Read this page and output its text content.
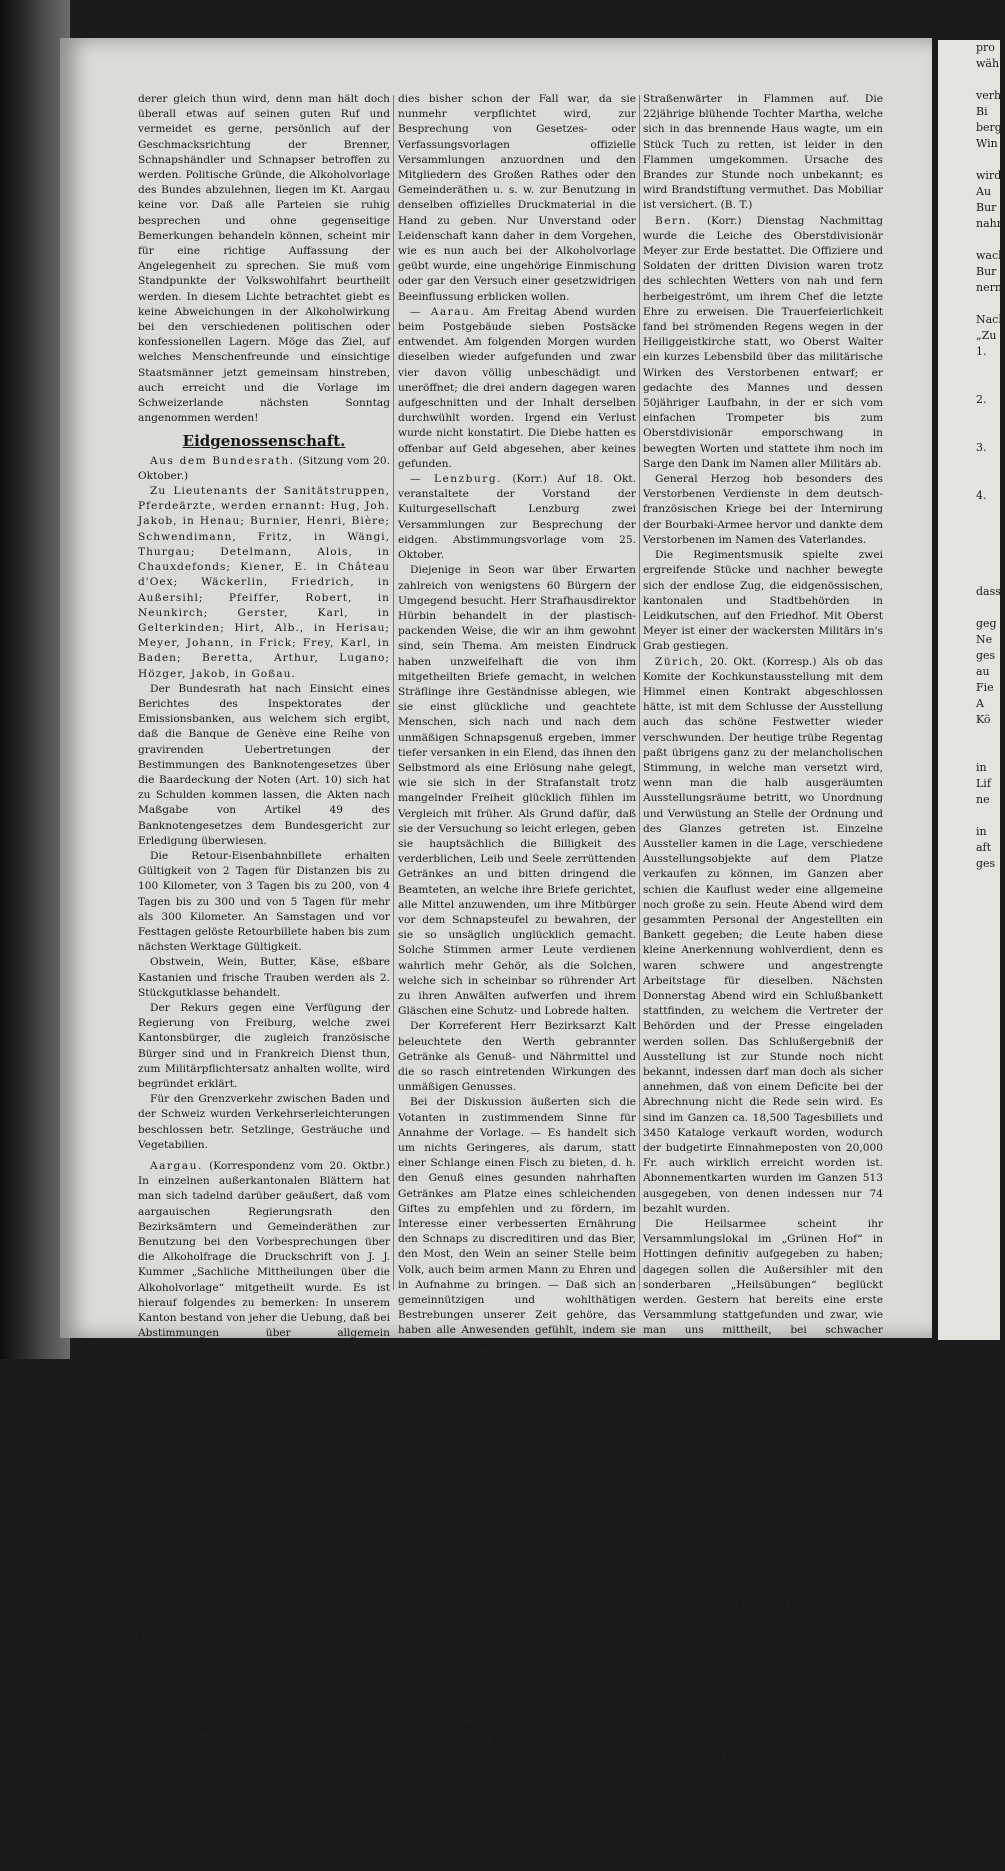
pro
wäh

verh
Bi
berg
Win

wird
Au
Bur
nahr

wack
Bur
nern

Nach
„Zu
1.

2.

3.

4.

dass

geg
Ne
ges
au
Fie
A
Kö

in
Lif
ne

in
aft
ges

derer gleich thun wird, denn man hält doch überall etwas auf seinen guten Ruf und vermeidet es gerne, persönlich auf der Geschmacksrichtung der Brenner, Schnapshändler und Schnapser betroffen zu werden. Politische Gründe, die Alkoholvorlage des Bundes abzulehnen, liegen im Kt. Aargau keine vor. Daß alle Parteien sie ruhig besprechen und ohne gegenseitige Bemerkungen behandeln können, scheint mir für eine richtige Auffassung der Angelegenheit zu sprechen. Sie muß vom Standpunkte der Volkswohlfahrt beurtheilt werden. In diesem Lichte betrachtet giebt es keine Abweichungen in der Alkoholwirkung bei den verschiedenen politischen oder konfessionellen Lagern. Möge das Ziel, auf welches Menschenfreunde und einsichtige Staatsmänner jetzt gemeinsam hinstreben, auch erreicht und die Vorlage im Schweizerlande nächsten Sonntag angenommen werden!

Eidgenossenschaft.

Aus dem Bundesrath. (Sitzung vom 20. Oktober.)

Zu Lieutenants der Sanitätstruppen, Pferdeärzte, werden ernannt: Hug, Joh. Jakob, in Henau; Burnier, Henri, Bière; Schwendimann, Fritz, in Wängi, Thurgau; Detelmann, Alois, in Chauxdefonds; Kiener, E. in Château d'Oex; Wäckerlin, Friedrich, in Außersihl; Pfeiffer, Robert, in Neunkirch; Gerster, Karl, in Gelterkinden; Hirt, Alb., in Herisau; Meyer, Johann, in Frick; Frey, Karl, in Baden; Beretta, Arthur, Lugano; Hözger, Jakob, in Goßau.

Der Bundesrath hat nach Einsicht eines Berichtes des Inspektorates der Emissionsbanken, aus welchem sich ergibt, daß die Banque de Genève eine Reihe von gravirenden Uebertretungen der Bestimmungen des Banknotengesetzes über die Baardeckung der Noten (Art. 10) sich hat zu Schulden kommen lassen, die Akten nach Maßgabe von Artikel 49 des Banknotengesetzes dem Bundesgericht zur Erledigung überwiesen.

Die Retour-Eisenbahnbillete erhalten Gültigkeit von 2 Tagen für Distanzen bis zu 100 Kilometer, von 3 Tagen bis zu 200, von 4 Tagen bis zu 300 und von 5 Tagen für mehr als 300 Kilometer. An Samstagen und vor Festtagen gelöste Retourbillete haben bis zum nächsten Werktage Gültigkeit.

Obstwein, Wein, Butter, Käse, eßbare Kastanien und frische Trauben werden als 2. Stückgutklasse behandelt.

Der Rekurs gegen eine Verfügung der Regierung von Freiburg, welche zwei Kantonsbürger, die zugleich französische Bürger sind und in Frankreich Dienst thun, zum Militärpflichtersatz anhalten wollte, wird begründet erklärt.

Für den Grenzverkehr zwischen Baden und der Schweiz wurden Verkehrserleichterungen beschlossen betr. Setzlinge, Gesträuche und Vegetabilien.

Aargau. (Korrespondenz vom 20. Oktbr.) In einzelnen außerkantonalen Blättern hat man sich tadelnd darüber geäußert, daß vom aargauischen Regierungsrath den Bezirksämtern und Gemeinderäthen zur Benutzung bei den Vorbesprechungen über die Alkoholfrage die Druckschrift von J. J. Kummer „Sachliche Mittheilungen über die Alkoholvorlage“ mitgetheilt wurde. Es ist hierauf folgendes zu bemerken: In unserem Kanton bestand von jeher die Uebung, daß bei Abstimmungen über allgemein volkswirthschaftliche Fragen die Regierung auch ihrerseits Stellung genommen hat, sei es daß sie Besprechungen veranstaltete oder besuchte, sei es daß sie zur Orientirung dienliches Druckmaterial vertheilen ließ. So wurde es z. B. vor der Abstimmung über die Gotthardbahnsubvention gehalten. Die Regierung glaubte durch ein solches Vorgehen so wenig sich einer ungehörigen Einmischung in die Abstimmungsverhandlung schuldig zu machen, daß sie gegentheils immer der Ansicht war und es noch ist, es liege recht eigentlich in ihrer Stellung und Aufgabe, in Fragen, bei denen das Wohl und Wehe des Landes so nahe berühren, das ihrige zur Aufklärung der Bürger beizutragen. Sie vindicirt sich das Recht, unter Umständen sogar eine offizielle Ansprache an die Bürger zu erlassen, wenn sie dies für im Interesse des Landes als geboten erachtet, gerade ebenso wie sie es in ihrer Stellung findet, ang. Gesetzesvorlagen, die an die Volksabstimmung gebracht werden, mit einer erläuternden oder empfehlenden Botschaft zu begleiten.

Diese Stellung ist ihr seit Annahme der neuen Verfassung noch viel deutlicher vorgezeichnet, als

dies bisher schon der Fall war, da sie nunmehr verpflichtet wird, zur Besprechung von Gesetzes- oder Verfassungsvorlagen offizielle Versammlungen anzuordnen und den Mitgliedern des Großen Rathes oder den Gemeinderäthen u. s. w. zur Benutzung in denselben offizielles Druckmaterial in die Hand zu geben. Nur Unverstand oder Leidenschaft kann daher in dem Vorgehen, wie es nun auch bei der Alkoholvorlage geübt wurde, eine ungehörige Einmischung oder gar den Versuch einer gesetzwidrigen Beeinflussung erblicken wollen.

— Aarau. Am Freitag Abend wurden beim Postgebäude sieben Postsäcke entwendet. Am folgenden Morgen wurden dieselben wieder aufgefunden und zwar vier davon völlig unbeschädigt und uneröffnet; die drei andern dagegen waren aufgeschnitten und der Inhalt derselben durchwühlt worden. Irgend ein Verlust wurde nicht konstatirt. Die Diebe hatten es offenbar auf Geld abgesehen, aber keines gefunden.

— Lenzburg. (Korr.) Auf 18. Okt. veranstaltete der Vorstand der Kulturgesellschaft Lenzburg zwei Versammlungen zur Besprechung der eidgen. Abstimmungsvorlage vom 25. Oktober.

Diejenige in Seon war über Erwarten zahlreich von wenigstens 60 Bürgern der Umgegend besucht. Herr Strafhausdirektor Hürbin behandelt in der plastisch-packenden Weise, die wir an ihm gewohnt sind, sein Thema. Am meisten Eindruck haben unzweifelhaft die von ihm mitgetheilten Briefe gemacht, in welchen Sträflinge ihre Geständnisse ablegen, wie sie einst glückliche und geachtete Menschen, sich nach und nach dem unmäßigen Schnapsgenuß ergeben, immer tiefer versanken in ein Elend, das ihnen den Selbstmord als eine Erlösung nahe gelegt, wie sie sich in der Strafanstalt trotz mangelnder Freiheit glücklich fühlen im Vergleich mit früher. Als Grund dafür, daß sie der Versuchung so leicht erlegen, geben sie hauptsächlich die Billigkeit des verderblichen, Leib und Seele zerrüttenden Getränkes an und bitten dringend die Beamteten, an welche ihre Briefe gerichtet, alle Mittel anzuwenden, um ihre Mitbürger vor dem Schnapsteufel zu bewahren, der sie so unsäglich unglücklich gemacht. Solche Stimmen armer Leute verdienen wahrlich mehr Gehör, als die Solchen, welche sich in scheinbar so rührender Art zu ihren Anwälten aufwerfen und ihrem Gläschen eine Schutz- und Lobrede halten.

Der Korreferent Herr Bezirksarzt Kalt beleuchtete den Werth gebrannter Getränke als Genuß- und Nährmittel und die so rasch eintretenden Wirkungen des unmäßigen Genusses.

Bei der Diskussion äußerten sich die Votanten in zustimmendem Sinne für Annahme der Vorlage. — Es handelt sich um nichts Geringeres, als darum, statt einer Schlange einen Fisch zu bieten, d. h. den Genuß eines gesunden nahrhaften Getränkes am Platze eines schleichenden Giftes zu empfehlen und zu fördern, im Interesse einer verbesserten Ernährung den Schnaps zu discreditiren und das Bier, den Most, den Wein an seiner Stelle beim Volk, auch beim armen Mann zu Ehren und in Aufnahme zu bringen. — Daß sich an gemeinnützigen und wohlthätigen Bestrebungen unserer Zeit gehöre, das haben alle Anwesenden gefühlt, indem sie bei der Abstimmung einmüthig sich für die Vorlage erklärten.

Ueber die Versammlung in Lenzburg wurde bereits in gestriger Nummer referirt.

— Der Kreis Rheinfelden wählte im ersten Wahlgang Hrn. alt Friedensrichter Constantin Schneider von Magden als Mitglied des Großen Rathes; der Kreis Frick Hrn. Gemeindeammann Rohrer in Eiken.

* Bezirk Laufenburg, 20. Oktbr. Friedensrichterwahlen: Im Kreise Laufenburg sind die bisherigen, Herren Müller von Kaisten als Friedensrichter und Gränacher in Ittenthal als Statthalter wieder gewählt. — Im Kreise Frick war die Wahl ebenfalls eine Wiederbestätigung der bisherigen, Herren Frz. Mösch, Friedensrichter und Lukas Keller, Statthalter. — Im Kreise Mettau sind die Herren Blum, bisheriger Friedensrichter, von Wyl und G. Müller, Negt. in Mettau, Statthalter, wiedergewählt. — Im Kreise Wölflinswyl konnte die Wahl Mangels ungenügender Betheiligung nicht abgehalten werden. Ein zweiter Wahlgang ist auf Sonntag den 25. d. angeordnet. — Im Kreise Frick wurde an Stelle des Hrn. Oberrichter Kalt als Großrathsmitglied gewählt: Hr. Gemeindeammann Rohrer in Eiken.

— Spreitenbach, 19. Okt. Heute früh 2½ Uhr ging das Wohnhaus der Familie Lienberger, Goßlis und das des J. Ulrich Lienberger,

Straßenwärter in Flammen auf. Die 22jährige blühende Tochter Martha, welche sich in das brennende Haus wagte, um ein Stück Tuch zu retten, ist leider in den Flammen umgekommen. Ursache des Brandes zur Stunde noch unbekannt; es wird Brandstiftung vermuthet. Das Mobiliar ist versichert. (B. T.)

Bern. (Korr.) Dienstag Nachmittag wurde die Leiche des Oberstdivisionär Meyer zur Erde bestattet. Die Offiziere und Soldaten der dritten Division waren trotz des schlechten Wetters von nah und fern herbeigeströmt, um ihrem Chef die letzte Ehre zu erweisen. Die Trauerfeierlichkeit fand bei strömenden Regens wegen in der Heiliggeistkirche statt, wo Oberst Walter ein kurzes Lebensbild über das militärische Wirken des Verstorbenen entwarf; er gedachte des Mannes und dessen 50jähriger Laufbahn, in der er sich vom einfachen Trompeter bis zum Oberstdivisionär emporschwang in bewegten Worten und stattete ihm noch im Sarge den Dank im Namen aller Militärs ab.

General Herzog hob besonders des Verstorbenen Verdienste in dem deutsch-französischen Kriege bei der Internirung der Bourbaki-Armee hervor und dankte dem Verstorbenen im Namen des Vaterlandes.

Die Regimentsmusik spielte zwei ergreifende Stücke und nachher bewegte sich der endlose Zug, die eidgenössischen, kantonalen und Stadtbehörden in Leidkutschen, auf den Friedhof. Mit Oberst Meyer ist einer der wackersten Militärs in's Grab gestiegen.

Zürich, 20. Okt. (Korresp.) Als ob das Komite der Kochkunstausstellung mit dem Himmel einen Kontrakt abgeschlossen hätte, ist mit dem Schlusse der Ausstellung auch das schöne Festwetter wieder verschwunden. Der heutige trübe Regentag paßt übrigens ganz zu der melancholischen Stimmung, in welche man versetzt wird, wenn man die halb ausgeräumten Ausstellungsräume betritt, wo Unordnung und Verwüstung an Stelle der Ordnung und des Glanzes getreten ist. Einzelne Aussteller kamen in die Lage, verschiedene Ausstellungsobjekte auf dem Platze verkaufen zu können, im Ganzen aber schien die Kauflust weder eine allgemeine noch große zu sein. Heute Abend wird dem gesammten Personal der Angestellten ein Bankett gegeben; die Leute haben diese kleine Anerkennung wohlverdient, denn es waren schwere und angestrengte Arbeitstage für dieselben. Nächsten Donnerstag Abend wird ein Schlußbankett stattfinden, zu welchem die Vertreter der Behörden und der Presse eingeladen werden sollen. Das Schlußergebniß der Ausstellung ist zur Stunde noch nicht bekannt, indessen darf man doch als sicher annehmen, daß von einem Deficite bei der Abrechnung nicht die Rede sein wird. Es sind im Ganzen ca. 18,500 Tagesbillets und 3450 Kataloge verkauft worden, wodurch der budgetirte Einnahmeposten von 20,000 Fr. auch wirklich erreicht worden ist. Abonnementkarten wurden im Ganzen 513 ausgegeben, von denen indessen nur 74 bezahlt wurden.

Die Heilsarmee scheint ihr Versammlungslokal im „Grünen Hof“ in Hottingen definitiv aufgegeben zu haben; dagegen sollen die Außersihler mit den sonderbaren „Heilsübungen“ beglückt werden. Gestern hat bereits eine erste Versammlung stattgefunden und zwar, wie man uns mittheilt, bei schwacher Betheiligung und ohne irgend welche Störung.

Von den Herausgebern der „Schweizerblätter“ (dem eidgen. Verein in Zürich) ist eine vielbesprochenes Flugblatt zu Gunsten der Alkoholvorlage erschienen, welches zur Vertheilung vom „Berichthaus“ in Zürich in beliebigen Exemplaren gratis bezogen werden kann.

— Winterthur, 19. Die Weinlese in den hiesigen Rebbergen geht mit heute und morgen bis an wenige Ausnahmen zu Ende. Mit dem Ertrag sowohl als besonders auch mit der Qualität darf man sehr zufrieden sein. Der Ertrag dürfte den letztjährigen ⅓ bis ¼ übertreffen. Wo voriges Jahr 8 bis 10 Saum per Jucharte geerntet wurden, dürften dies Jahr 12 bis 13 Saum.

Luzern. Die zahlreich besuchte Gemeindeversammlung der Stadt Luzern hat letzten Sonntag die Ueberlassung der Straße Luzern-Kriens für die Anlage einer Straßenbahn vorbehaltlos genehmigt. Ferner beschloß sie nach den Anträgen des Großen Stadtrathes die Abtretung eines Bauplatzes bei dem Stadthof an die Gotthardbahn und den Beitrag an die Korrektion des Renggbaches.
